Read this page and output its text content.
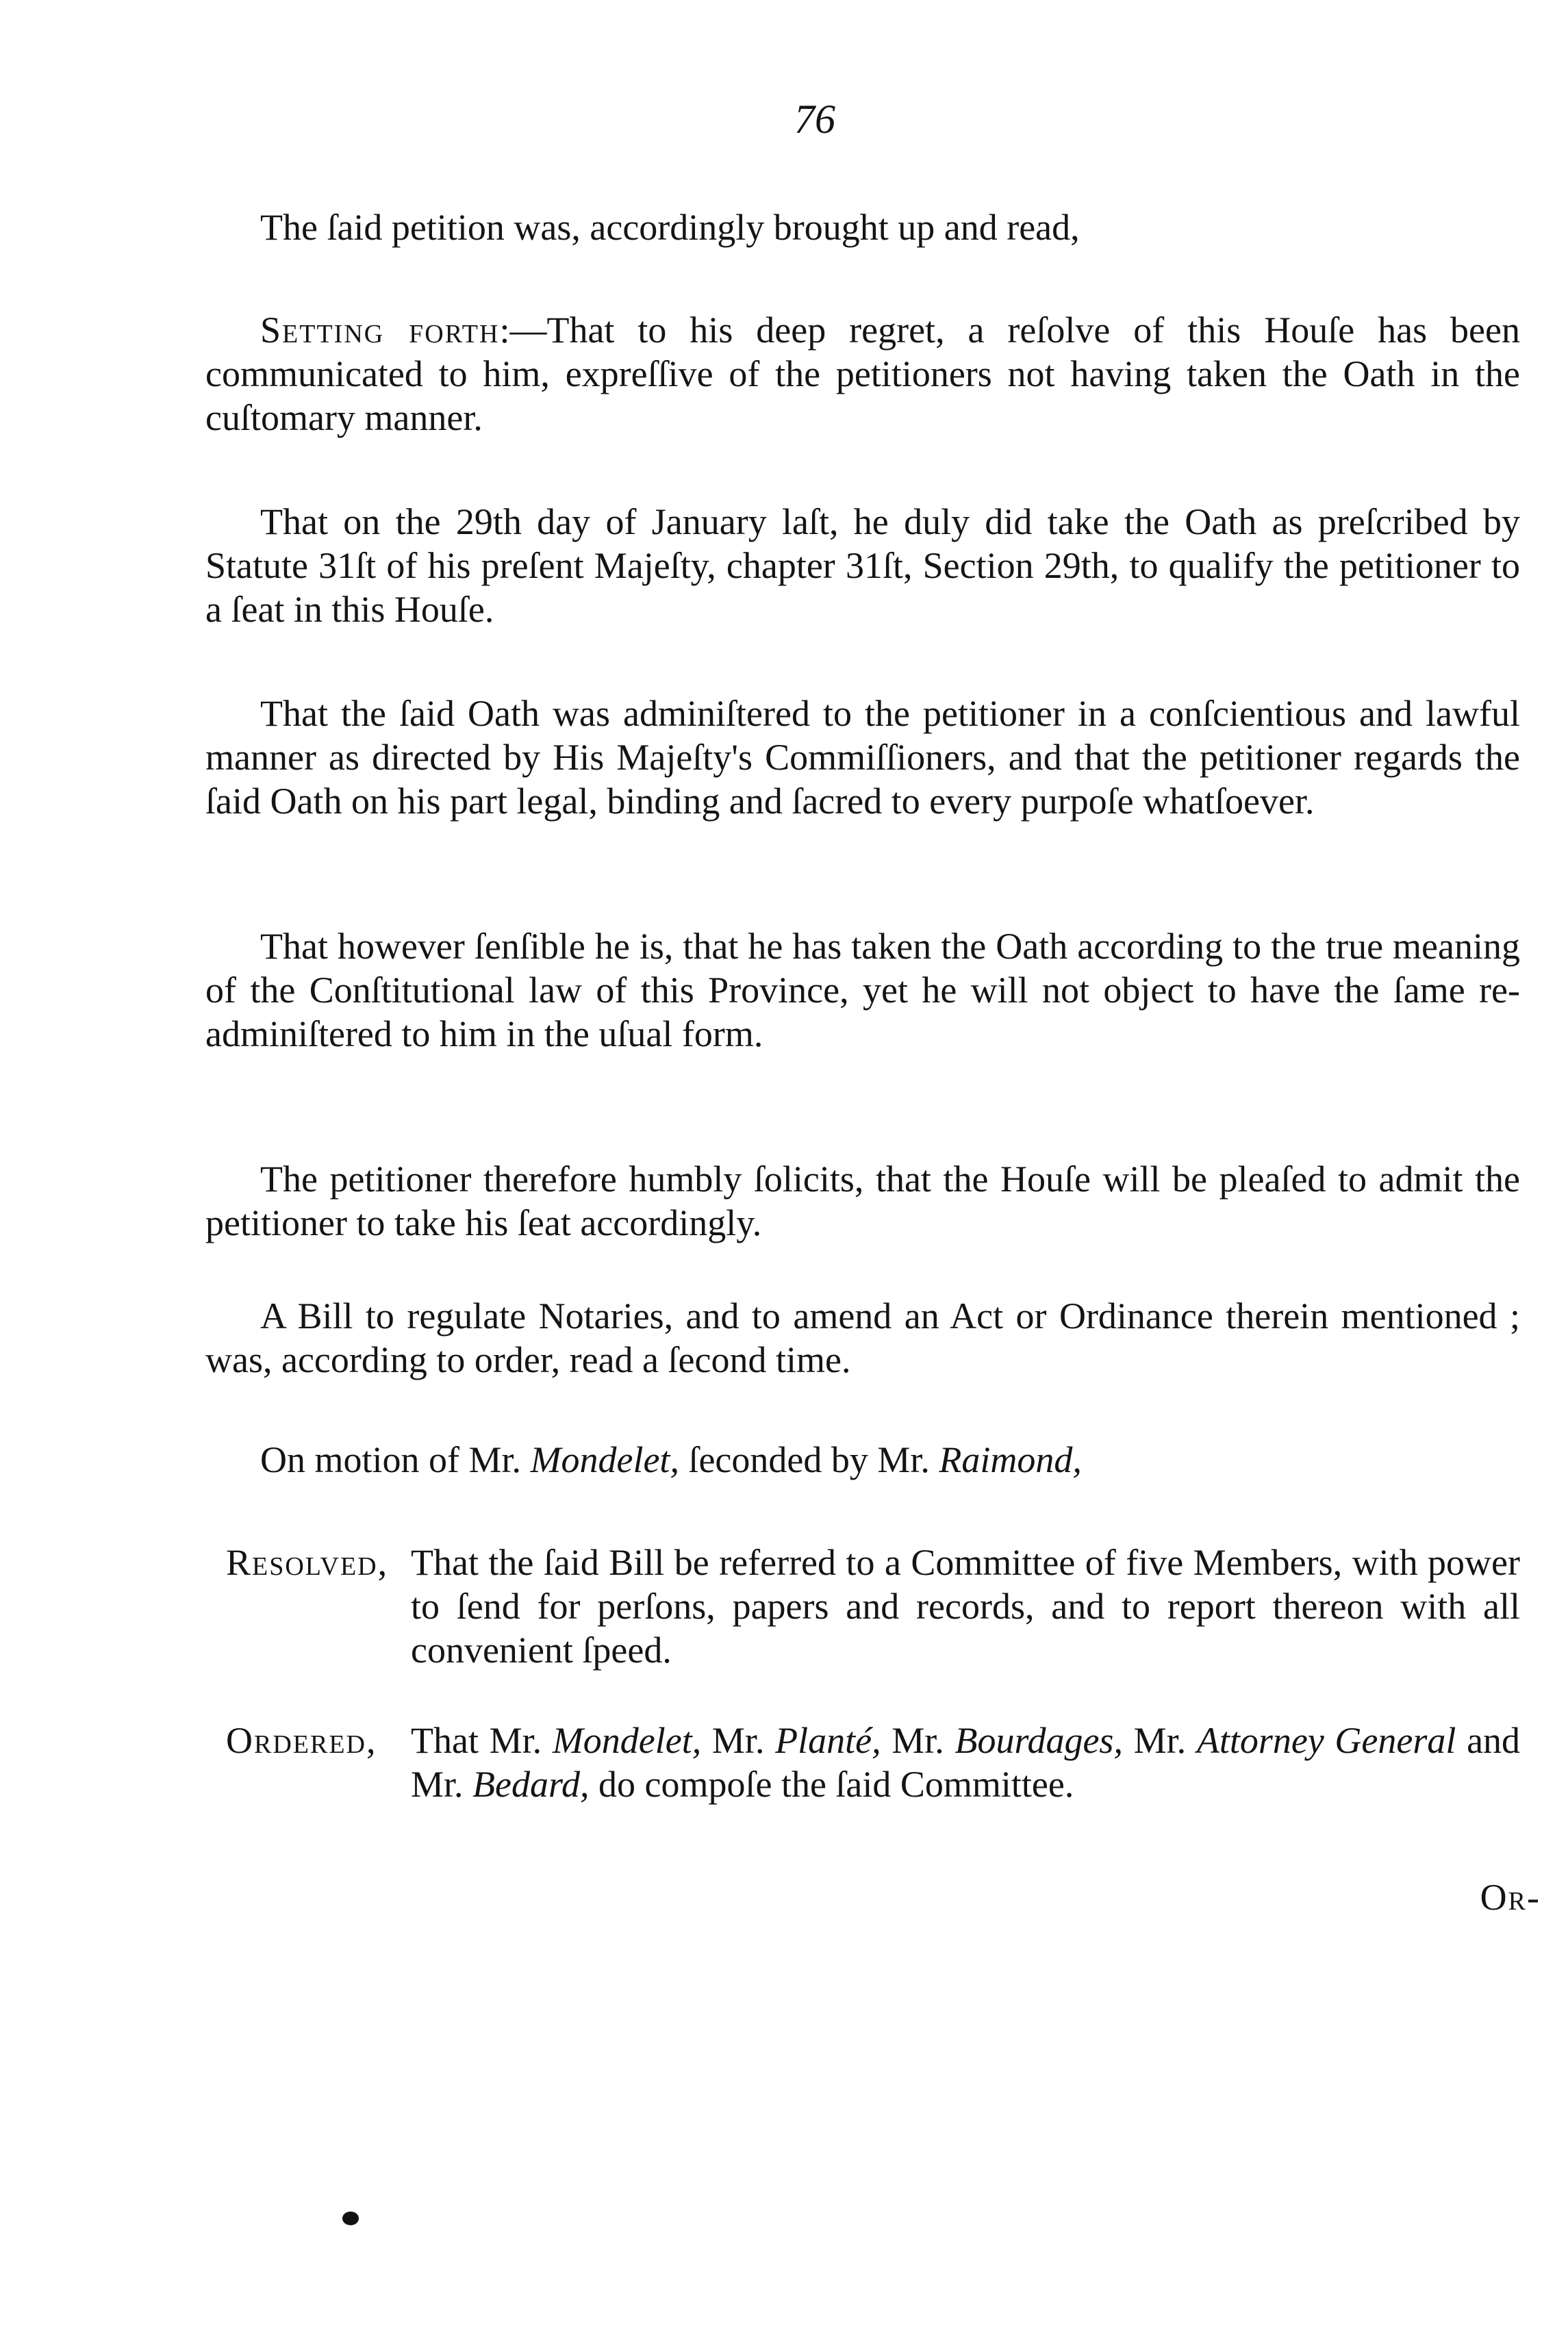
76

The ſaid petition was, accordingly brought up and read,

Setting forth:—That to his deep regret, a reſolve of this Houſe has been communicated to him, expreſſive of the petitioners not having taken the Oath in the cuſtomary manner.

That on the 29th day of January laſt, he duly did take the Oath as preſcribed by Statute 31ſt of his preſent Majeſty, chapter 31ſt, Section 29th, to qualify the petitioner to a ſeat in this Houſe.

That the ſaid Oath was adminiſtered to the petitioner in a conſcientious and lawful manner as directed by His Majeſty's Commiſſioners, and that the petitioner regards the ſaid Oath on his part legal, binding and ſacred to every purpoſe whatſoever.

That however ſenſible he is, that he has taken the Oath according to the true meaning of the Conſtitutional law of this Province, yet he will not object to have the ſame re-adminiſtered to him in the uſual form.

The petitioner therefore humbly ſolicits, that the Houſe will be pleaſed to admit the petitioner to take his ſeat accordingly.

A Bill to regulate Notaries, and to amend an Act or Ordinance therein mentioned ; was, according to order, read a ſecond time.

On motion of Mr. Mondelet, ſeconded by Mr. Raimond,

Resolved, That the ſaid Bill be referred to a Committee of five Members, with power to ſend for perſons, papers and records, and to report thereon with all convenient ſpeed.
Ordered, That Mr. Mondelet, Mr. Planté, Mr. Bourdages, Mr. Attorney General and Mr. Bedard, do compoſe the ſaid Committee.
Or-
